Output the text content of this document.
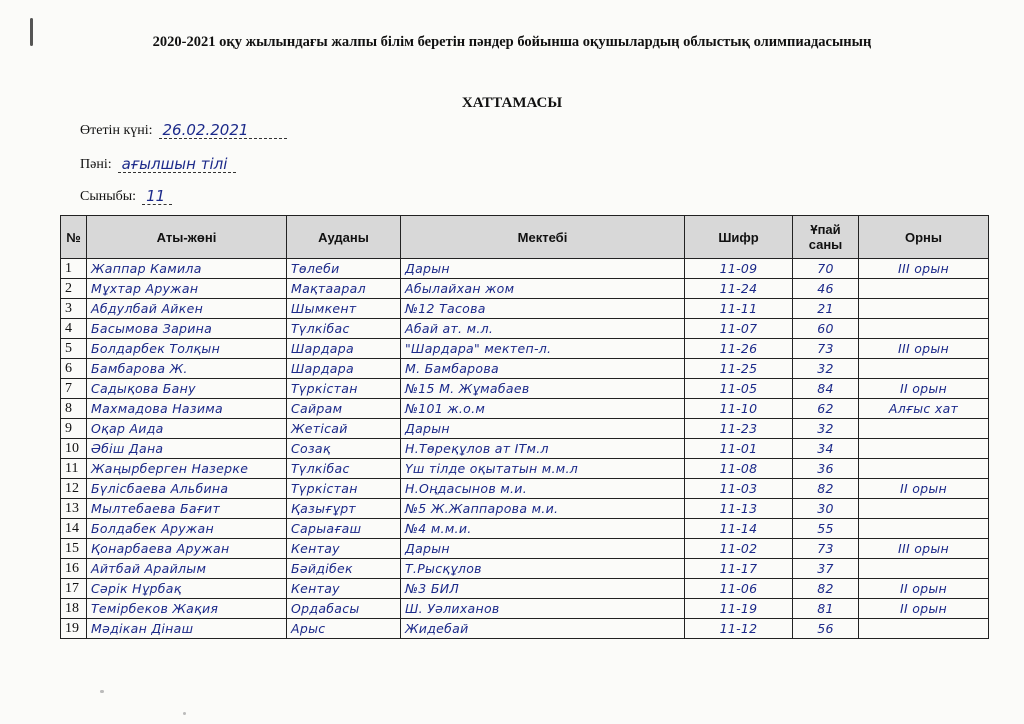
2020-2021 оқу жылындағы жалпы білім беретін пәндер бойынша оқушылардың облыстық олимпиадасының
ХАТТАМАСЫ
Өтетін күні: 26.02.2021
Пәні: ағылшын тілі
Сыныбы: 11
№	Аты-жөні	Ауданы	Мектебі	Шифр	Ұпай саны	Орны
1	Жаппар Камила	Төлеби	Дарын	11-09	70	III орын
2	Мұхтар Аружан	Мақтаарал	Абылайхан жом	11-24	46	
3	Абдулбай Айкен	Шымкент	№12 Тасова	11-11	21	
4	Басымова Зарина	Түлкібас	Абай ат. м.л.	11-07	60	
5	Болдарбек Толқын	Шардара	"Шардара" мектеп-л.	11-26	73	III орын
6	Бамбарова Ж.	Шардара	М. Бамбарова	11-25	32	
7	Садықова Бану	Түркістан	№15 М. Жұмабаев	11-05	84	II орын
8	Махмадова Назима	Сайрам	№101 ж.о.м	11-10	62	Алғыс хат
9	Оқар Аида	Жетісай	Дарын	11-23	32	
10	Әбіш Дана	Созақ	Н.Төреқұлов ат ІТм.л	11-01	34	
11	Жаңырберген Назерке	Түлкібас	Үш тілде оқытатын м.м.л	11-08	36	
12	Бүлісбаева Альбина	Түркістан	Н.Оңдасынов м.и.	11-03	82	II орын
13	Мылтебаева Бағит	Қазығұрт	№5 Ж.Жаппарова м.и.	11-13	30	
14	Болдабек Аружан	Сарыағаш	№4 м.м.и.	11-14	55	
15	Қонарбаева Аружан	Кентау	Дарын	11-02	73	III орын
16	Айтбай Арайлым	Бәйдібек	Т.Рысқұлов	11-17	37	
17	Сәрік Нұрбақ	Кентау	№3 БИЛ	11-06	82	II орын
18	Темірбеков Жақия	Ордабасы	Ш. Уәлиханов	11-19	81	II орын
19	Мәдікан Дінаш	Арыс	Жидебай	11-12	56	
